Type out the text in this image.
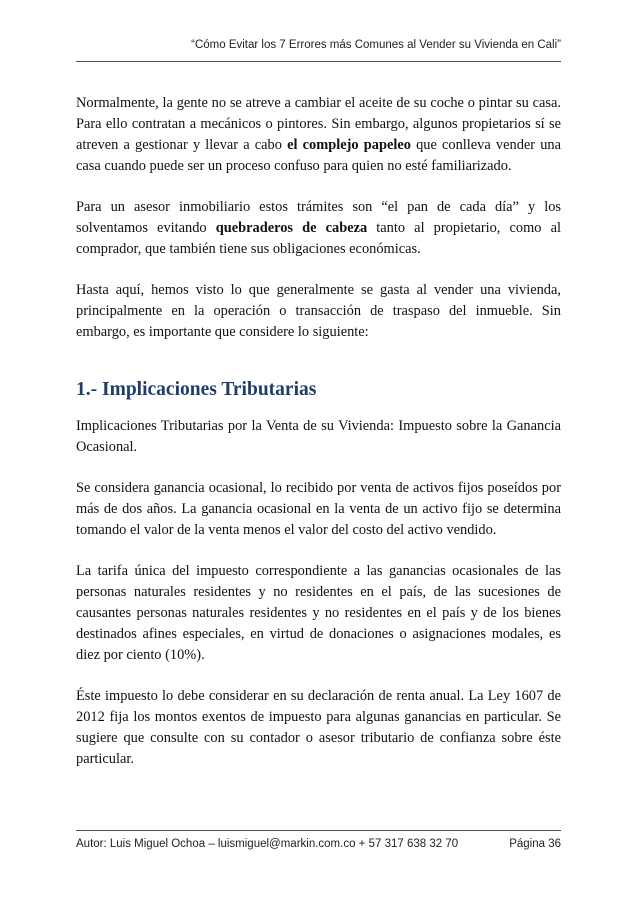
“Cómo Evitar los 7 Errores más Comunes al Vender su Vivienda en Cali”

Normalmente, la gente no se atreve a cambiar el aceite de su coche o pintar su casa. Para ello contratan a mecánicos o pintores. Sin embargo, algunos propietarios sí se atreven a gestionar y llevar a cabo el complejo papeleo que conlleva vender una casa cuando puede ser un proceso confuso para quien no esté familiarizado.

Para un asesor inmobiliario estos trámites son “el pan de cada día” y los solventamos evitando quebraderos de cabeza tanto al propietario, como al comprador, que también tiene sus obligaciones económicas.

Hasta aquí, hemos visto lo que generalmente se gasta al vender una vivienda, principalmente en la operación o transacción de traspaso del inmueble. Sin embargo, es importante que considere lo siguiente:

1.- Implicaciones Tributarias

Implicaciones Tributarias por la Venta de su Vivienda: Impuesto sobre la Ganancia Ocasional.

Se considera ganancia ocasional, lo recibido por venta de activos fijos poseídos por más de dos años. La ganancia ocasional en la venta de un activo fijo se determina tomando el valor de la venta menos el valor del costo del activo vendido.

La tarifa única del impuesto correspondiente a las ganancias ocasionales de las personas naturales residentes y no residentes en el país, de las sucesiones de causantes personas naturales residentes y no residentes en el país y de los bienes destinados afines especiales, en virtud de donaciones o asignaciones modales, es diez por ciento (10%).

Éste impuesto lo debe considerar en su declaración de renta anual. La Ley 1607 de 2012 fija los montos exentos de impuesto para algunas ganancias en particular. Se sugiere que consulte con su contador o asesor tributario de confianza sobre éste particular.

Autor: Luis Miguel Ochoa – luismiguel@markin.com.co + 57 317 638 32 70	Página 36
